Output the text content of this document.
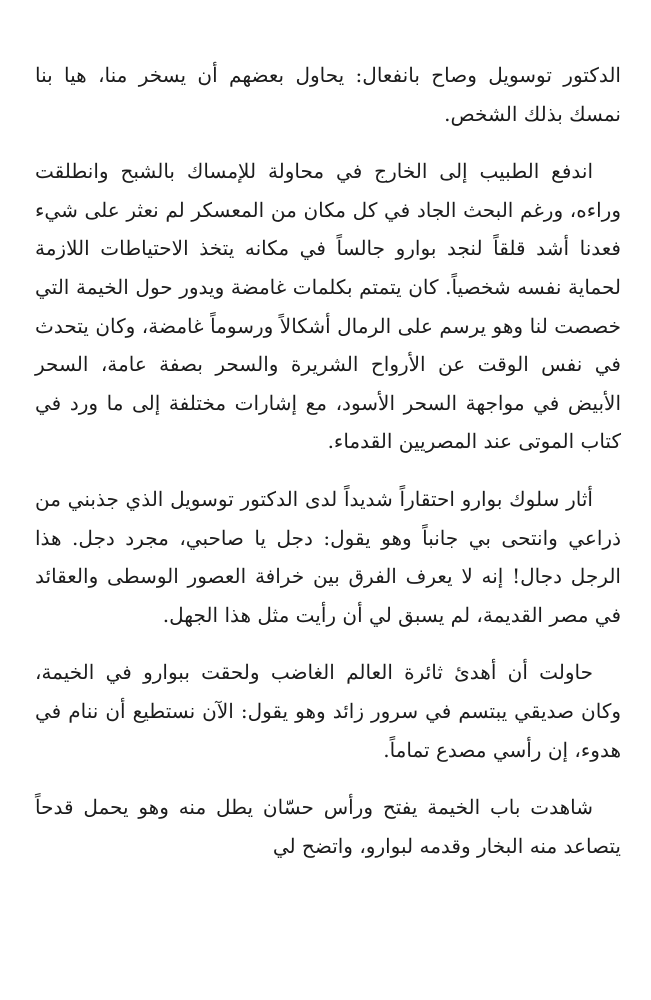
الدكتور توسويل وصاح بانفعال: يحاول بعضهم أن يسخر منا، هيا بنا نمسك بذلك الشخص.

اندفع الطبيب إلى الخارج في محاولة للإمساك بالشبح وانطلقت وراءه، ورغم البحث الجاد في كل مكان من المعسكر لم نعثر على شيء فعدنا أشد قلقاً لنجد بوارو جالساً في مكانه يتخذ الاحتياطات اللازمة لحماية نفسه شخصياً. كان يتمتم بكلمات غامضة ويدور حول الخيمة التي خصصت لنا وهو يرسم على الرمال أشكالاً ورسوماً غامضة، وكان يتحدث في نفس الوقت عن الأرواح الشريرة والسحر بصفة عامة، السحر الأبيض في مواجهة السحر الأسود، مع إشارات مختلفة إلى ما ورد في كتاب الموتى عند المصريين القدماء.

أثار سلوك بوارو احتقاراً شديداً لدى الدكتور توسويل الذي جذبني من ذراعي وانتحى بي جانباً وهو يقول: دجل يا صاحبي، مجرد دجل. هذا الرجل دجال! إنه لا يعرف الفرق بين خرافة العصور الوسطى والعقائد في مصر القديمة، لم يسبق لي أن رأيت مثل هذا الجهل.

حاولت أن أهدئ ثائرة العالم الغاضب ولحقت ببوارو في الخيمة، وكان صديقي يبتسم في سرور زائد وهو يقول: الآن نستطيع أن ننام في هدوء، إن رأسي مصدع تماماً.

شاهدت باب الخيمة يفتح ورأس حسّان يطل منه وهو يحمل قدحاً يتصاعد منه البخار وقدمه لبوارو، واتضح لي
